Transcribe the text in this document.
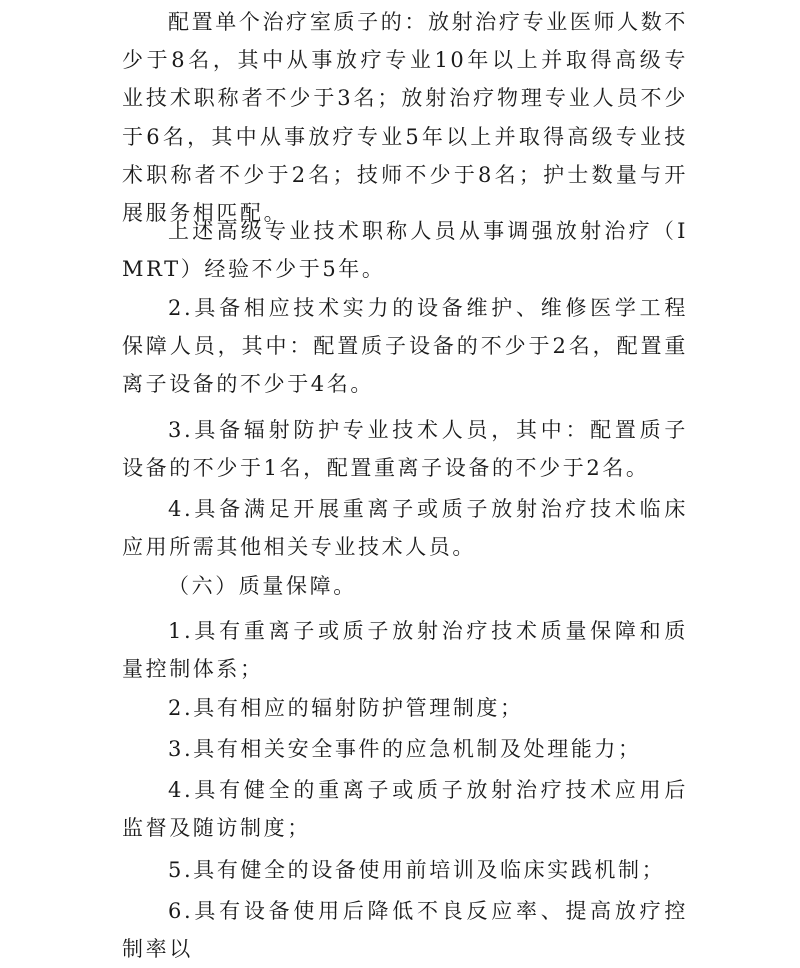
配置单个治疗室质子的：放射治疗专业医师人数不少于8名，其中从事放疗专业10年以上并取得高级专业技术职称者不少于3名；放射治疗物理专业人员不少于6名，其中从事放疗专业5年以上并取得高级专业技术职称者不少于2名；技师不少于8名；护士数量与开展服务相匹配。

上述高级专业技术职称人员从事调强放射治疗（IMRT）经验不少于5年。

2.具备相应技术实力的设备维护、维修医学工程保障人员，其中：配置质子设备的不少于2名，配置重离子设备的不少于4名。

3.具备辐射防护专业技术人员，其中：配置质子设备的不少于1名，配置重离子设备的不少于2名。

4.具备满足开展重离子或质子放射治疗技术临床应用所需其他相关专业技术人员。

（六）质量保障。

1.具有重离子或质子放射治疗技术质量保障和质量控制体系；

2.具有相应的辐射防护管理制度；

3.具有相关安全事件的应急机制及处理能力；

4.具有健全的重离子或质子放射治疗技术应用后监督及随访制度；

5.具有健全的设备使用前培训及临床实践机制；

6.具有设备使用后降低不良反应率、提高放疗控制率以
